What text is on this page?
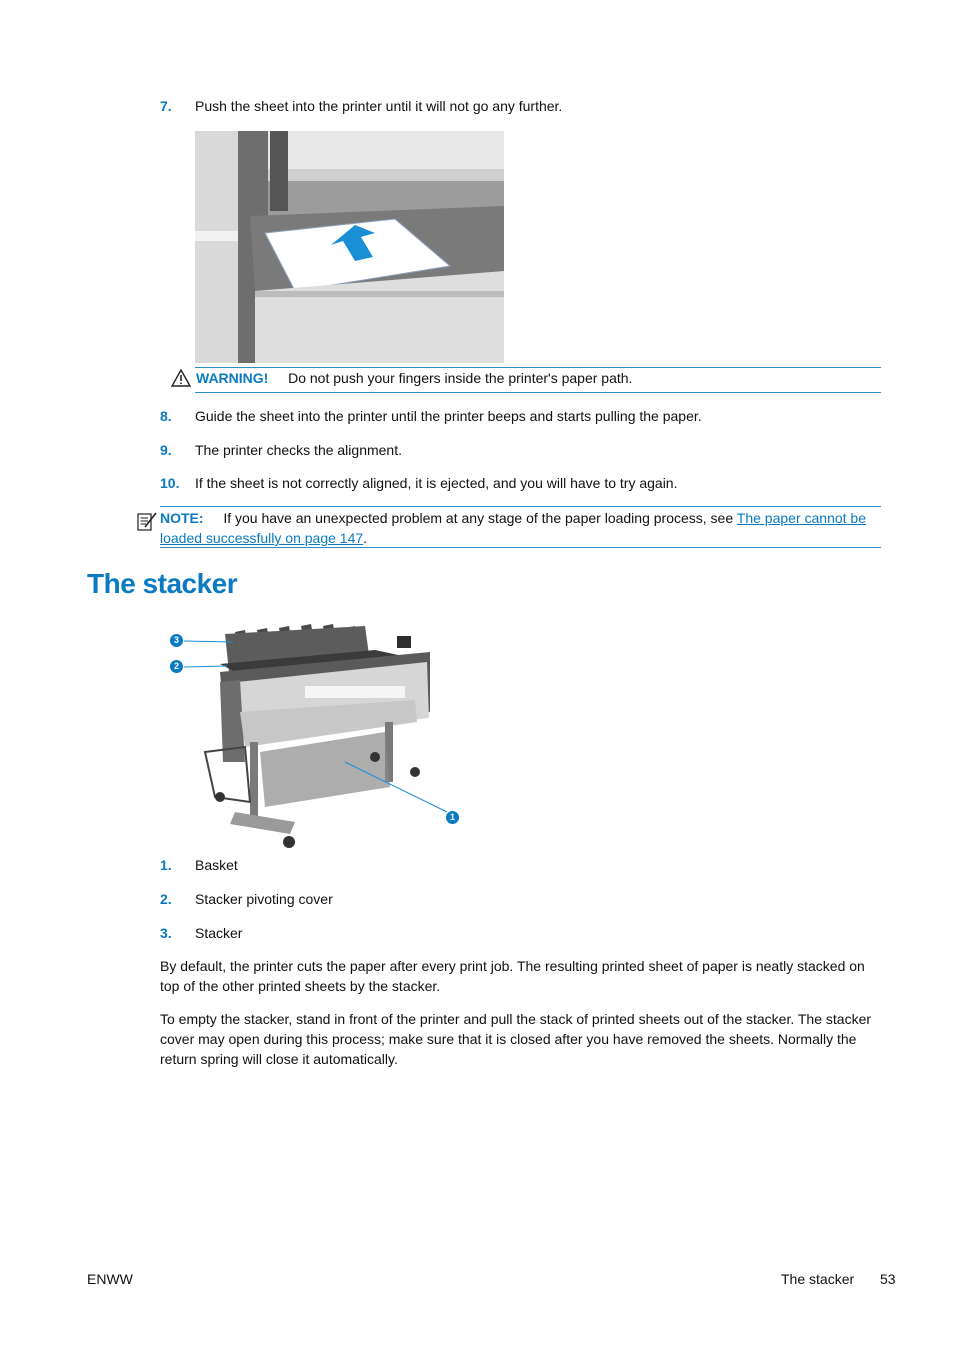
7. Push the sheet into the printer until it will not go any further.
WARNING! Do not push your fingers inside the printer's paper path.
8. Guide the sheet into the printer until the printer beeps and starts pulling the paper.
9. The printer checks the alignment.
10. If the sheet is not correctly aligned, it is ejected, and you will have to try again.
NOTE: If you have an unexpected problem at any stage of the paper loading process, see The paper cannot be loaded successfully on page 147.
The stacker
3
2
1
1. Basket
2. Stacker pivoting cover
3. Stacker
By default, the printer cuts the paper after every print job. The resulting printed sheet of paper is neatly stacked on top of the other printed sheets by the stacker.
To empty the stacker, stand in front of the printer and pull the stack of printed sheets out of the stacker. The stacker cover may open during this process; make sure that it is closed after you have removed the sheets. Normally the return spring will close it automatically.
ENWW	The stacker 53
